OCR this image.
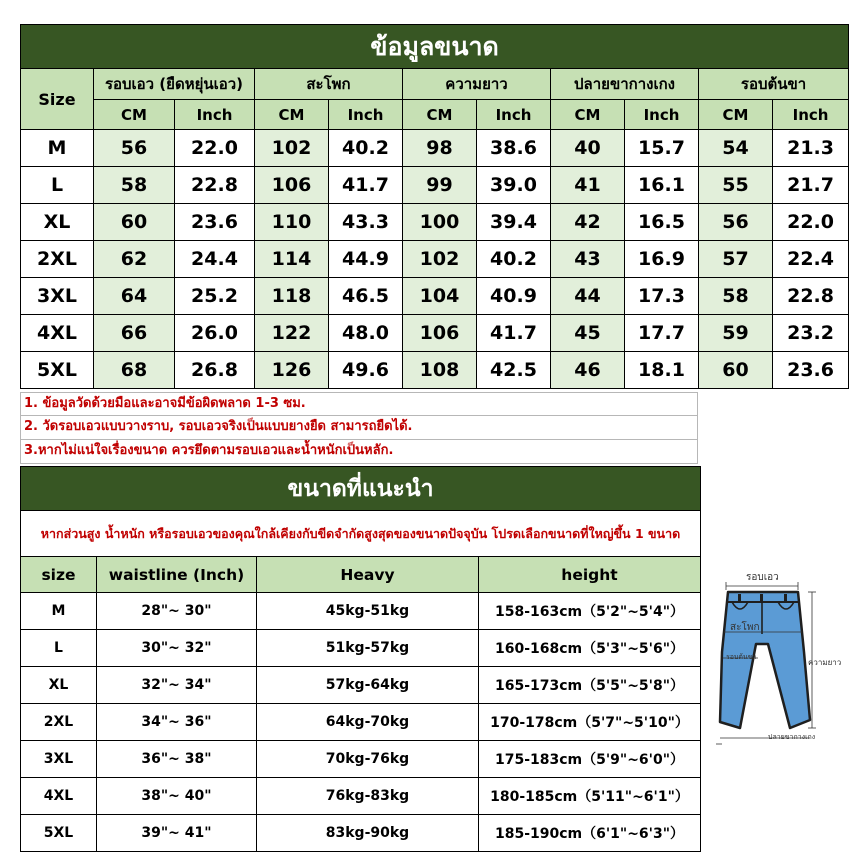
ข้อมูลขนาด										
Size	รอบเอว (ยืดหยุ่นเอว)		สะโพก		ความยาว		ปลายขากางเกง		รอบต้นขา	
	CM	Inch	CM	Inch	CM	Inch	CM	Inch	CM	Inch
M	56	22.0	102	40.2	98	38.6	40	15.7	54	21.3
L	58	22.8	106	41.7	99	39.0	41	16.1	55	21.7
XL	60	23.6	110	43.3	100	39.4	42	16.5	56	22.0
2XL	62	24.4	114	44.9	102	40.2	43	16.9	57	22.4
3XL	64	25.2	118	46.5	104	40.9	44	17.3	58	22.8
4XL	66	26.0	122	48.0	106	41.7	45	17.7	59	23.2
5XL	68	26.8	126	49.6	108	42.5	46	18.1	60	23.6
1. ข้อมูลวัดด้วยมือและอาจมีข้อผิดพลาด 1-3 ซม.
2. วัดรอบเอวแบบวางราบ, รอบเอวจริงเป็นแบบยางยืด สามารถยืดได้.
3.หากไม่แน่ใจเรื่องขนาด ควรยึดตามรอบเอวและน้ำหนักเป็นหลัก.
ขนาดที่แนะนำ			
หากส่วนสูง น้ำหนัก หรือรอบเอวของคุณใกล้เคียงกับขีดจำกัดสูงสุดของขนาดปัจจุบัน โปรดเลือกขนาดที่ใหญ่ขึ้น 1 ขนาด			
size	waistline (Inch)	Heavy	height
M	28"~ 30"	45kg-51kg	158-163cm（5'2"~5'4"）
L	30"~ 32"	51kg-57kg	160-168cm（5'3"~5'6"）
XL	32"~ 34"	57kg-64kg	165-173cm（5'5"~5'8"）
2XL	34"~ 36"	64kg-70kg	170-178cm（5'7"~5'10"）
3XL	36"~ 38"	70kg-76kg	175-183cm（5'9"~6'0"）
4XL	38"~ 40"	76kg-83kg	180-185cm（5'11"~6'1"）
5XL	39"~ 41"	83kg-90kg	185-190cm（6'1"~6'3"）
รอบเอว
สะโพก
รอบต้นขา
ความยาว
ปลายขากางเกง
